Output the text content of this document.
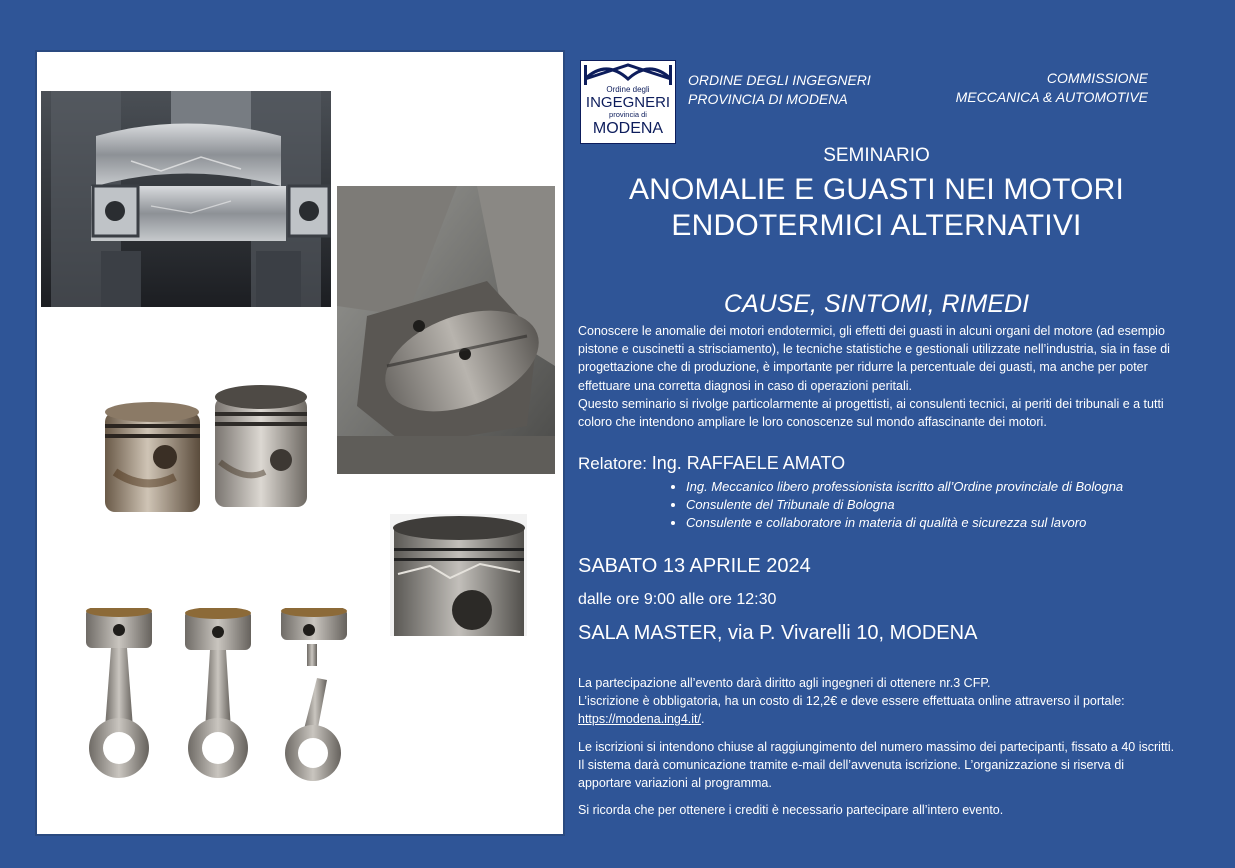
Ordine degli
INGEGNERI
provincia di
MODENA
ORDINE DEGLI INGEGNERI
PROVINCIA DI MODENA
COMMISSIONE
MECCANICA & AUTOMOTIVE
SEMINARIO
ANOMALIE E GUASTI NEI MOTORI
ENDOTERMICI ALTERNATIVI
CAUSE, SINTOMI, RIMEDI
Conoscere le anomalie dei motori endotermici, gli effetti dei guasti in alcuni organi del motore (ad esempio pistone e cuscinetti a strisciamento), le tecniche statistiche e gestionali utilizzate nell’industria, sia in fase di progettazione che di produzione, è importante per ridurre la percentuale dei guasti, ma anche per poter effettuare una corretta diagnosi in caso di operazioni peritali.
Questo seminario si rivolge particolarmente ai progettisti, ai consulenti tecnici, ai periti dei tribunali e a tutti coloro che intendono ampliare le loro conoscenze sul mondo affascinante dei motori.
Relatore: Ing. RAFFAELE AMATO
• Ing. Meccanico libero professionista iscritto all’Ordine provinciale di Bologna
• Consulente del Tribunale di Bologna
• Consulente e collaboratore in materia di qualità e sicurezza sul lavoro
SABATO 13 APRILE 2024
dalle ore 9:00 alle ore 12:30
SALA MASTER, via P. Vivarelli 10, MODENA
La partecipazione all’evento darà diritto agli ingegneri di ottenere nr.3 CFP.
L’iscrizione è obbligatoria, ha un costo di 12,2€ e deve essere effettuata online attraverso il portale:
https://modena.ing4.it/.
Le iscrizioni si intendono chiuse al raggiungimento del numero massimo dei partecipanti, fissato a 40 iscritti. Il sistema darà comunicazione tramite e-mail dell’avvenuta iscrizione. L’organizzazione si riserva di apportare variazioni al programma.
Si ricorda che per ottenere i crediti è necessario partecipare all’intero evento.
